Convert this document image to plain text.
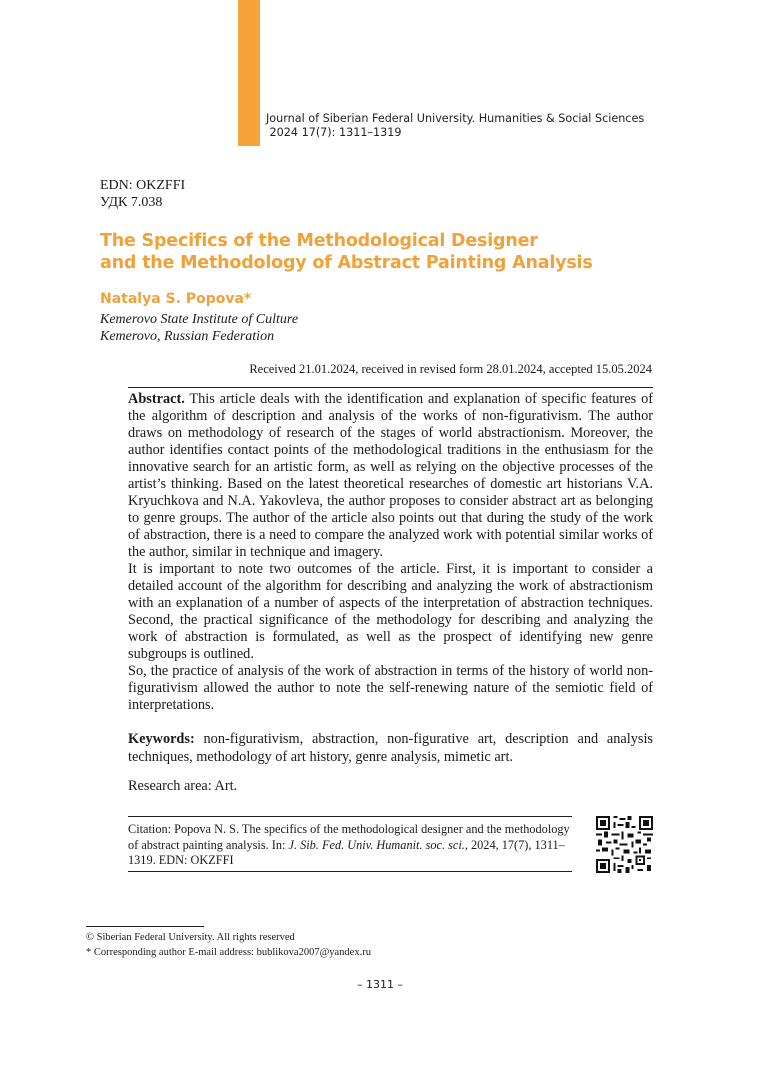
Journal of Siberian Federal University. Humanities & Social Sciences
2024 17(7): 1311–1319
EDN: OKZFFI
УДК 7.038
The Specifics of the Methodological Designer
and the Methodology of Abstract Painting Analysis
Natalya S. Popova*
Kemerovo State Institute of Culture
Kemerovo, Russian Federation
Received 21.01.2024, received in revised form 28.01.2024, accepted 15.05.2024

Abstract. This article deals with the identification and explanation of specific features of the algorithm of description and analysis of the works of non-figurativism. The author draws on methodology of research of the stages of world abstractionism. Moreover, the author identifies contact points of the methodological traditions in the enthusiasm for the innovative search for an artistic form, as well as relying on the objective processes of the artist’s thinking. Based on the latest theoretical researches of domestic art historians V.A. Kryuchkova and N.A. Yakovleva, the author proposes to consider abstract art as belonging to genre groups. The author of the article also points out that during the study of the work of abstraction, there is a need to compare the analyzed work with potential similar works of the author, similar in technique and imagery.

It is important to note two outcomes of the article. First, it is important to consider a detailed account of the algorithm for describing and analyzing the work of abstractionism with an explanation of a number of aspects of the interpretation of abstraction techniques. Second, the practical significance of the methodology for describing and analyzing the work of abstraction is formulated, as well as the prospect of identifying new genre subgroups is outlined.

So, the practice of analysis of the work of abstraction in terms of the history of world non-figurativism allowed the author to note the self-renewing nature of the semiotic field of interpretations.

Keywords: non-figurativism, abstraction, non-figurative art, description and analysis techniques, methodology of art history, genre analysis, mimetic art.
Research area: Art.
Citation: Popova N. S. The specifics of the methodological designer and the methodology of abstract painting analysis. In: J. Sib. Fed. Univ. Humanit. soc. sci., 2024, 17(7), 1311–1319. EDN: OKZFFI
© Siberian Federal University. All rights reserved
* Corresponding author E-mail address: bublikova2007@yandex.ru
– 1311 –
